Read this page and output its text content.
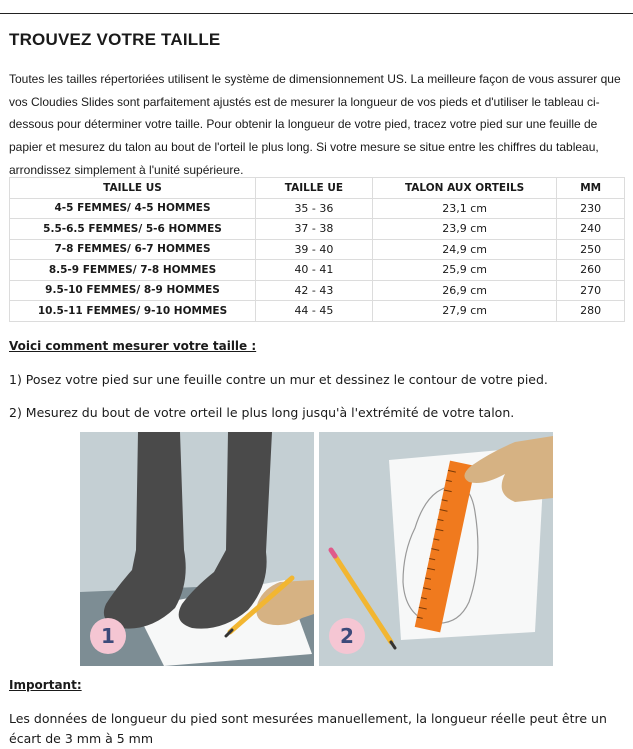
TROUVEZ VOTRE TAILLE

Toutes les tailles répertoriées utilisent le système de dimensionnement US. La meilleure façon de vous assurer que vos Cloudies Slides sont parfaitement ajustés est de mesurer la longueur de vos pieds et d'utiliser le tableau ci-dessous pour déterminer votre taille. Pour obtenir la longueur de votre pied, tracez votre pied sur une feuille de papier et mesurez du talon au bout de l'orteil le plus long. Si votre mesure se situe entre les chiffres du tableau, arrondissez simplement à l'unité supérieure.

TAILLE US	TAILLE UE	TALON AUX ORTEILS	MM
4-5 FEMMES/ 4-5 HOMMES	35 - 36	23,1 cm	230
5.5-6.5 FEMMES/ 5-6 HOMMES	37 - 38	23,9 cm	240
7-8 FEMMES/ 6-7 HOMMES	39 - 40	24,9 cm	250
8.5-9 FEMMES/ 7-8 HOMMES	40 - 41	25,9 cm	260
9.5-10 FEMMES/ 8-9 HOMMES	42 - 43	26,9 cm	270
10.5-11 FEMMES/ 9-10 HOMMES	44 - 45	27,9 cm	280

Voici comment mesurer votre taille :

1) Posez votre pied sur une feuille contre un mur et dessinez le contour de votre pied.

2) Mesurez du bout de votre orteil le plus long jusqu'à l'extrémité de votre talon.

1	2

Important:

Les données de longueur du pied sont mesurées manuellement, la longueur réelle peut être un écart de 3 mm à 5 mm
